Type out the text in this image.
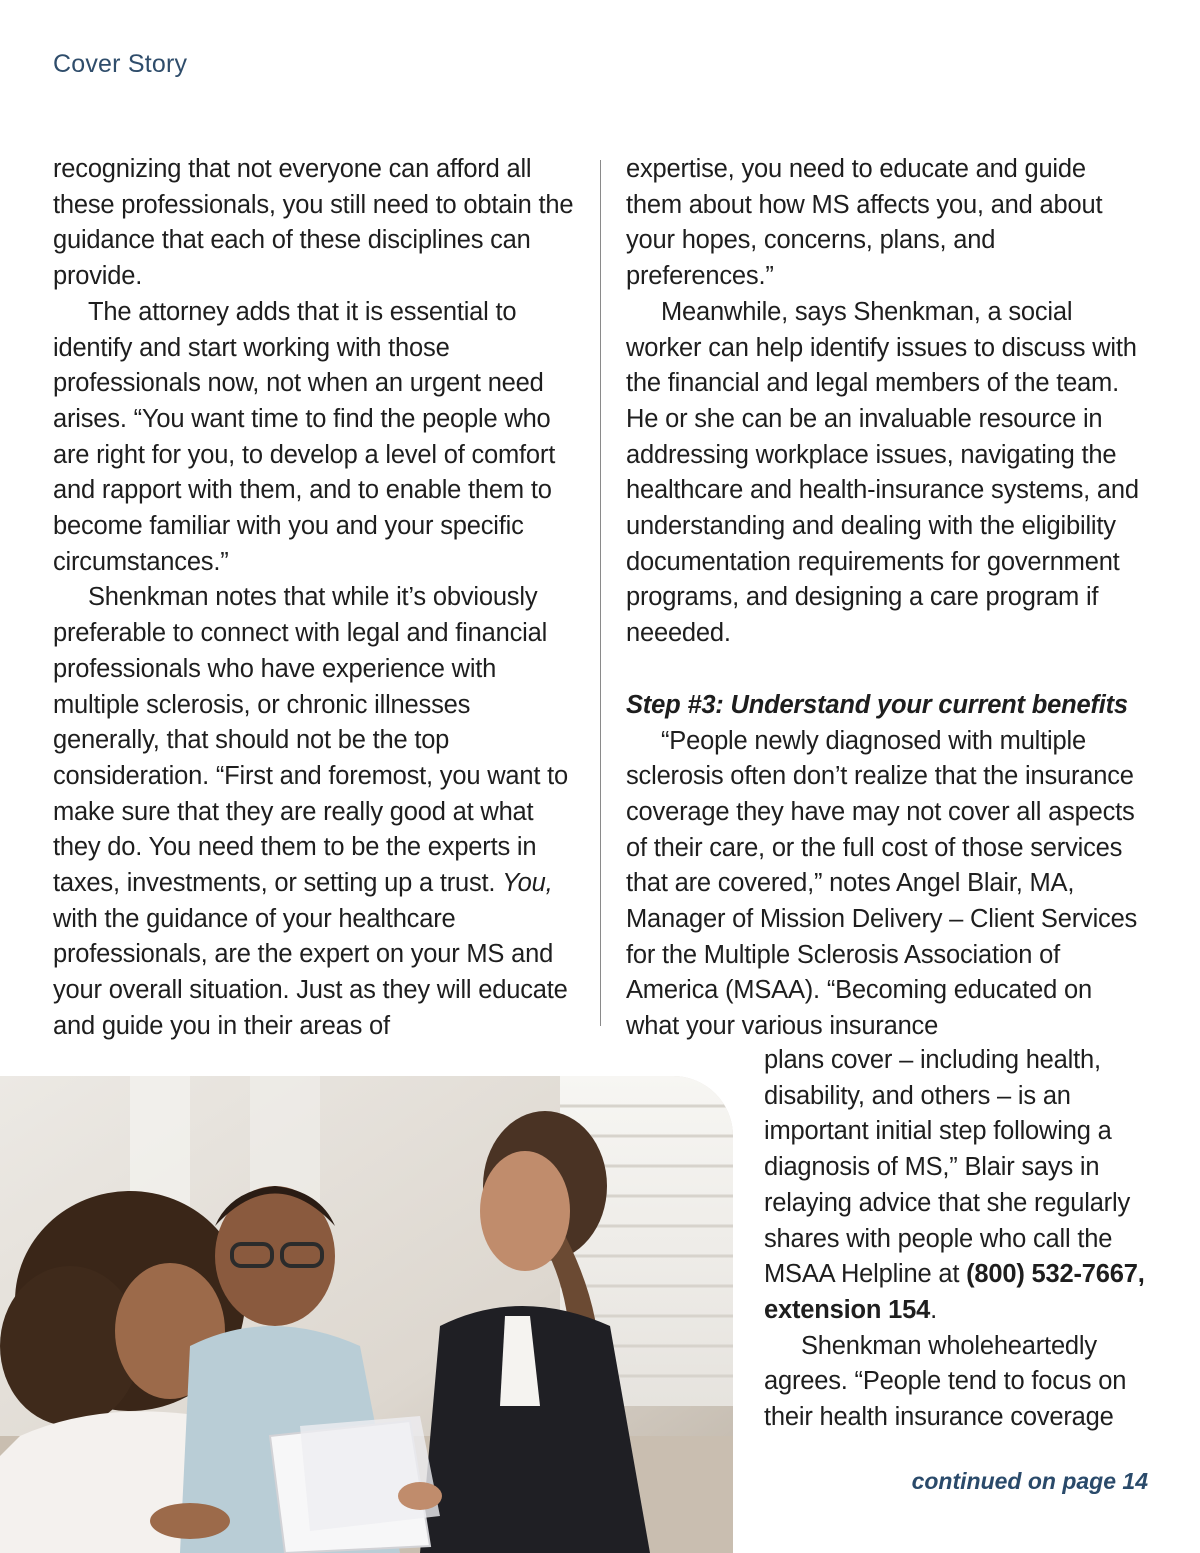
Cover Story

recognizing that not everyone can afford all these professionals, you still need to obtain the guidance that each of these disciplines can provide.

The attorney adds that it is essential to identify and start working with those professionals now, not when an urgent need arises. “You want time to find the people who are right for you, to develop a level of comfort and rapport with them, and to enable them to become familiar with you and your specific circumstances.”

Shenkman notes that while it’s obviously preferable to connect with legal and financial professionals who have experience with multiple sclerosis, or chronic illnesses generally, that should not be the top consideration. “First and foremost, you want to make sure that they are really good at what they do. You need them to be the experts in taxes, investments, or setting up a trust. You, with the guidance of your healthcare professionals, are the expert on your MS and your overall situation. Just as they will educate and guide you in their areas of

expertise, you need to educate and guide them about how MS affects you, and about your hopes, concerns, plans, and preferences.”

Meanwhile, says Shenkman, a social worker can help identify issues to discuss with the financial and legal members of the team. He or she can be an invaluable resource in addressing workplace issues, navigating the healthcare and health-insurance systems, and understanding and dealing with the eligibility documentation requirements for government programs, and designing a care program if neeeded.

Step #3: Understand your current benefits

“People newly diagnosed with multiple sclerosis often don’t realize that the insurance coverage they have may not cover all aspects of their care, or the full cost of those services that are covered,” notes Angel Blair, MA, Manager of Mission Delivery – Client Services for the Multiple Sclerosis Association of America (MSAA). “Becoming educated on what your various insurance

plans cover – including health, disability, and others – is an important initial step following a diagnosis of MS,” Blair says in relaying advice that she regularly shares with people who call the MSAA Helpline at (800) 532-7667, extension 154.

Shenkman wholeheartedly agrees. “People tend to focus on their health insurance coverage

continued on page 14
